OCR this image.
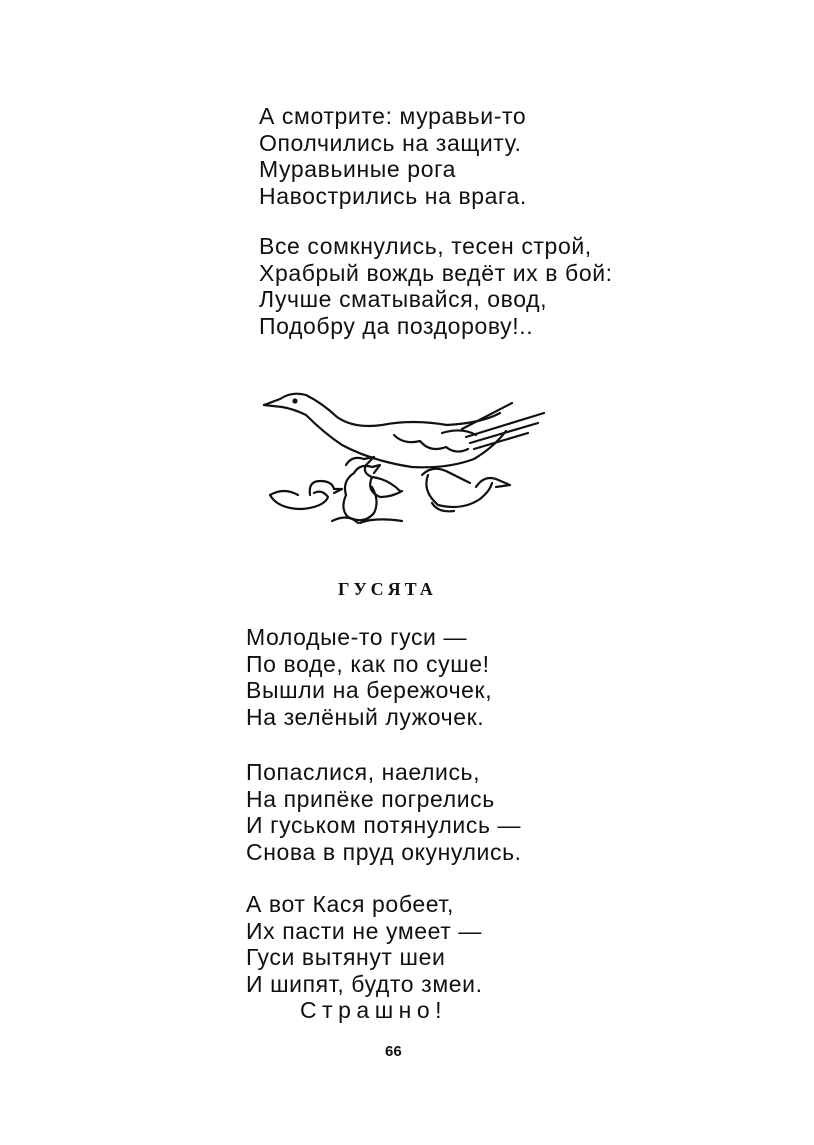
А смотрите: муравьи-то
Ополчились на защиту.
Муравьиные рога
Навострились на врага.
Все сомкнулись, тесен строй,
Храбрый вождь ведёт их в бой:
Лучше сматывайся, овод,
Подобру да поздорову!..
ГУСЯТА
Молодые-то гуси —
По воде, как по суше!
Вышли на бережочек,
На зелёный лужочек.
Попаслися, наелись,
На припёке погрелись
И гуськом потянулись —
Снова в пруд окунулись.
А вот Кася робеет,
Их пасти не умеет —
Гуси вытянут шеи
И шипят, будто змеи.
Страшно!
66
